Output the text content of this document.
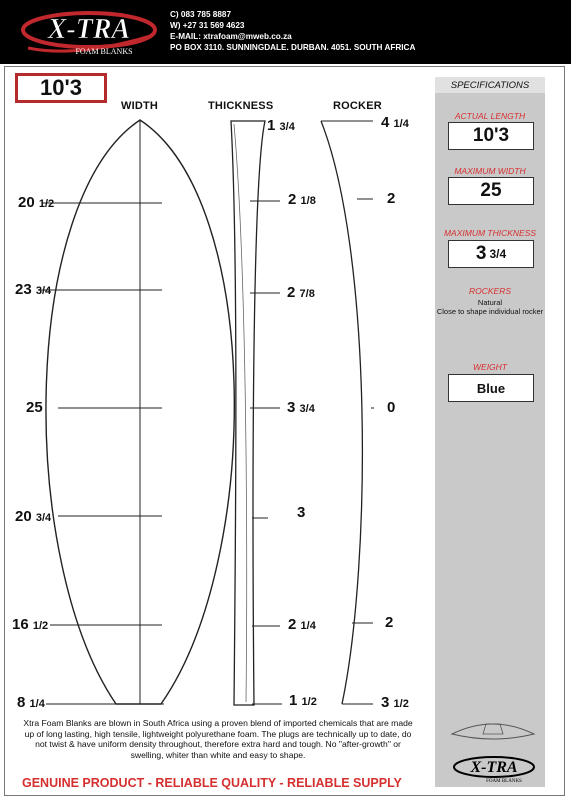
X-TRA
FOAM BLANKS
C) 083 785 8887
W) +27 31 569 4623
E-MAIL: xtrafoam@mweb.co.za
PO BOX 3110. SUNNINGDALE. DURBAN. 4051. SOUTH AFRICA
10'3
WIDTH	THICKNESS	ROCKER
20 1/2
23 3/4
25
20 3/4
16 1/2
8 1/4
1 3/4
2 1/8
2 7/8
3 3/4
3
2 1/4
1 1/2
4 1/4
2
0
2
3 1/2
SPECIFICATIONS
ACTUAL LENGTH
10'3
MAXIMUM WIDTH
25
MAXIMUM THICKNESS
3 3/4
ROCKERS
Natural
Close to shape individual rocker
WEIGHT
Blue
X-TRA
FOAM BLANKS
Xtra Foam Blanks are blown in South Africa using a proven blend of imported chemicals that are made up of long lasting, high tensile, lightweight polyurethane foam. The plugs are technically up to date, do not twist & have uniform density throughout, therefore extra hard and tough. No "after-growth" or swelling, whiter than white and easy to shape.
GENUINE PRODUCT - RELIABLE QUALITY - RELIABLE SUPPLY
